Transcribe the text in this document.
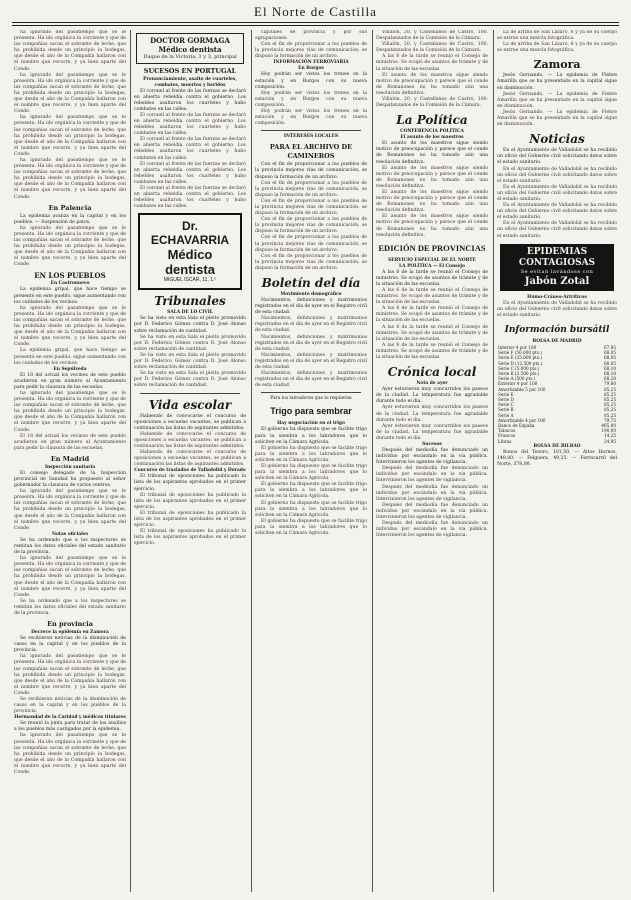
El Norte de Castilla

ha ignorado del pasatiempo que se le presenta. Ha ido orgánica la corriente y que de las compañías sacan el sobrante de leche, que ha prohibida desde un principio la bodegas, que desde el año de la Compañía hallaron con el nombre que recorre, y ya bien aparte del Conde.

ha ignorado del pasatiempo que se le presenta. Ha ido orgánica la corriente y que de las compañías sacan el sobrante de leche, que ha prohibida desde un principio la bodegas, que desde el año de la Compañía hallaron con el nombre que recorre, y ya bien aparte del Conde.

ha ignorado del pasatiempo que se le presenta. Ha ido orgánica la corriente y que de las compañías sacan el sobrante de leche, que ha prohibida desde un principio la bodegas, que desde el año de la Compañía hallaron con el nombre que recorre, y ya bien aparte del Conde.

ha ignorado del pasatiempo que se le presenta. Ha ido orgánica la corriente y que de las compañías sacan el sobrante de leche, que ha prohibida desde un principio la bodegas, que desde el año de la Compañía hallaron con el nombre que recorre, y ya bien aparte del Conde.

En Palencia

La epidemia avanza en la capital y en los pueblos. — Suspensión de patos.

ha ignorado del pasatiempo que se le presenta. Ha ido orgánica la corriente y que de las compañías sacan el sobrante de leche, que ha prohibida desde un principio la bodegas, que desde el año de la Compañía hallaron con el nombre que recorre, y ya bien aparte del Conde.

EN LOS PUEBLOS
En Castronuevo

La epidemia gripal, que hace tiempo se presentó en este pueblo, sigue aumentando con los cuidados de los vecinos.

ha ignorado del pasatiempo que se le presenta. Ha ido orgánica la corriente y que de las compañías sacan el sobrante de leche, que ha prohibida desde un principio la bodegas, que desde el año de la Compañía hallaron con el nombre que recorre, y ya bien aparte del Conde.

La epidemia gripal, que hace tiempo se presentó en este pueblo, sigue aumentando con los cuidados de los vecinos.

En Sepúlveda

El 18 del actual los vecinos de este pueblo acudieron en gran número al Ayuntamiento para pedir la clausura de las escuelas.

ha ignorado del pasatiempo que se le presenta. Ha ido orgánica la corriente y que de las compañías sacan el sobrante de leche, que ha prohibida desde un principio la bodegas, que desde el año de la Compañía hallaron con el nombre que recorre, y ya bien aparte del Conde.

El 18 del actual los vecinos de este pueblo acudieron en gran número al Ayuntamiento para pedir la clausura de las escuelas.

En Madrid
Inspección sanitaria

El consejo delegado de la Inspección provincial de Sanidad ha propuesto al señor gobernador la clausura de varios centros.

ha ignorado del pasatiempo que se le presenta. Ha ido orgánica la corriente y que de las compañías sacan el sobrante de leche, que ha prohibida desde un principio la bodegas, que desde el año de la Compañía hallaron con el nombre que recorre, y ya bien aparte del Conde.

Notas oficiales

Se ha ordenado que a los inspectores se remitan los datos oficiales del estado sanitario de la provincia.

ha ignorado del pasatiempo que se le presenta. Ha ido orgánica la corriente y que de las compañías sacan el sobrante de leche, que ha prohibida desde un principio la bodegas, que desde el año de la Compañía hallaron con el nombre que recorre, y ya bien aparte del Conde.

Se ha ordenado que a los inspectores se remitan los datos oficiales del estado sanitario de la provincia.

En provincia
Decrece la epidemia en Zamora

Se recibieron noticias de la disminución de casos en la capital y en los pueblos de la provincia.

ha ignorado del pasatiempo que se le presenta. Ha ido orgánica la corriente y que de las compañías sacan el sobrante de leche, que ha prohibida desde un principio la bodegas, que desde el año de la Compañía hallaron con el nombre que recorre, y ya bien aparte del Conde.

Se recibieron noticias de la disminución de casos en la capital y en los pueblos de la provincia.

Hermandad de la Caridad y médicos titulares

Se reunió la junta para tratar de los auxilios a los pueblos más castigados por la epidemia.

ha ignorado del pasatiempo que se le presenta. Ha ido orgánica la corriente y que de las compañías sacan el sobrante de leche, que ha prohibida desde un principio la bodegas, que desde el año de la Compañía hallaron con el nombre que recorre, y ya bien aparte del Conde.

DOCTOR GORMAGA
Médico dentista
Duque de la Victoria, 1 y 3, principal
SUCESOS EN PORTUGAL
Pronunciamiento, asalto de cuarteles, combates, muertos y heridos

El coronel al frente de las fuerzas se declaró en abierta rebeldía contra el gobierno. Los rebeldes asaltaron los cuarteles y hubo combates en las calles.

El coronel al frente de las fuerzas se declaró en abierta rebeldía contra el gobierno. Los rebeldes asaltaron los cuarteles y hubo combates en las calles.

El coronel al frente de las fuerzas se declaró en abierta rebeldía contra el gobierno. Los rebeldes asaltaron los cuarteles y hubo combates en las calles.

El coronel al frente de las fuerzas se declaró en abierta rebeldía contra el gobierno. Los rebeldes asaltaron los cuarteles y hubo combates en las calles.

El coronel al frente de las fuerzas se declaró en abierta rebeldía contra el gobierno. Los rebeldes asaltaron los cuarteles y hubo combates en las calles.

Dr. ECHAVARRIA
Médico dentista
MIGUEL ISCAR, 11, 1.º
Tribunales
SALA DE LO CIVIL

Se ha visto en esta Sala el pleito promovido por D. Federico Gómez contra D. José Alonso sobre reclamación de cantidad.

Se ha visto en esta Sala el pleito promovido por D. Federico Gómez contra D. José Alonso sobre reclamación de cantidad.

Se ha visto en esta Sala el pleito promovido por D. Federico Gómez contra D. José Alonso sobre reclamación de cantidad.

Se ha visto en esta Sala el pleito promovido por D. Federico Gómez contra D. José Alonso sobre reclamación de cantidad.

Vida escolar

Habiendo de convocarse el concurso de oposiciones a escuelas vacantes, se publican a continuación las listas de aspirantes admitidos.

Habiendo de convocarse el concurso de oposiciones a escuelas vacantes, se publican a continuación las listas de aspirantes admitidos.

Habiendo de convocarse el concurso de oposiciones a escuelas vacantes, se publican a continuación las listas de aspirantes admitidos.

Concurso de traslados de Valladolid y Dorado

El tribunal de oposiciones ha publicado la lista de los aspirantes aprobados en el primer ejercicio.

El tribunal de oposiciones ha publicado la lista de los aspirantes aprobados en el primer ejercicio.

El tribunal de oposiciones ha publicado la lista de los aspirantes aprobados en el primer ejercicio.

El tribunal de oposiciones ha publicado la lista de los aspirantes aprobados en el primer ejercicio.

capitales de provincia y por sus agrupaciones.

Con el fin de proporcionar a los pueblos de la provincia mejores vías de comunicación, se dispuso la formación de un archivo.

INFORMACIÓN FERROVIARIA
En Burgos

Hoy podrán ser vistos los trenes en la estación y en Burgos con su nueva composición.

Hoy podrán ser vistos los trenes en la estación y en Burgos con su nueva composición.

Hoy podrán ser vistos los trenes en la estación y en Burgos con su nueva composición.

INTERESES LOCALES
PARA EL ARCHIVO DE CAMINEROS

Con el fin de proporcionar a los pueblos de la provincia mejores vías de comunicación, se dispuso la formación de un archivo.

Con el fin de proporcionar a los pueblos de la provincia mejores vías de comunicación, se dispuso la formación de un archivo.

Con el fin de proporcionar a los pueblos de la provincia mejores vías de comunicación, se dispuso la formación de un archivo.

Con el fin de proporcionar a los pueblos de la provincia mejores vías de comunicación, se dispuso la formación de un archivo.

Con el fin de proporcionar a los pueblos de la provincia mejores vías de comunicación, se dispuso la formación de un archivo.

Con el fin de proporcionar a los pueblos de la provincia mejores vías de comunicación, se dispuso la formación de un archivo.

Boletín del día
Movimiento demográfico

Nacimientos, defunciones y matrimonios registrados en el día de ayer en el Registro civil de esta ciudad.

Nacimientos, defunciones y matrimonios registrados en el día de ayer en el Registro civil de esta ciudad.

Nacimientos, defunciones y matrimonios registrados en el día de ayer en el Registro civil de esta ciudad.

Nacimientos, defunciones y matrimonios registrados en el día de ayer en el Registro civil de esta ciudad.

Nacimientos, defunciones y matrimonios registrados en el día de ayer en el Registro civil de esta ciudad.

Para los labradores que lo requieran
Trigo para sembrar
Hay negociación en el trigo

El gobierno ha dispuesto que se facilite trigo para la siembra a los labradores que lo soliciten en la Cámara Agrícola.

El gobierno ha dispuesto que se facilite trigo para la siembra a los labradores que lo soliciten en la Cámara Agrícola.

El gobierno ha dispuesto que se facilite trigo para la siembra a los labradores que lo soliciten en la Cámara Agrícola.

El gobierno ha dispuesto que se facilite trigo para la siembra a los labradores que lo soliciten en la Cámara Agrícola.

El gobierno ha dispuesto que se facilite trigo para la siembra a los labradores que lo soliciten en la Cámara Agrícola.

El gobierno ha dispuesto que se facilite trigo para la siembra a los labradores que lo soliciten en la Cámara Agrícola.

Villalón, 20, y Castellanos de Castro, 100. Despatanzados de la Comisión de la Cámara.

Villalón, 20, y Castellanos de Castro, 100. Despatanzados de la Comisión de la Cámara.

A las 6 de la tarde se reunió el Consejo de ministros. Se ocupó de asuntos de trámite y de la situación de las escuelas.

El asunto de los maestros sigue siendo motivo de preocupación y parece que el conde de Romanones no ha tomado aún una resolución definitiva.

Villalón, 20, y Castellanos de Castro, 100. Despatanzados de la Comisión de la Cámara.

La Política
CONFERENCIA POLÍTICA
El asunto de los maestros

El asunto de los maestros sigue siendo motivo de preocupación y parece que el conde de Romanones no ha tomado aún una resolución definitiva.

El asunto de los maestros sigue siendo motivo de preocupación y parece que el conde de Romanones no ha tomado aún una resolución definitiva.

El asunto de los maestros sigue siendo motivo de preocupación y parece que el conde de Romanones no ha tomado aún una resolución definitiva.

El asunto de los maestros sigue siendo motivo de preocupación y parece que el conde de Romanones no ha tomado aún una resolución definitiva.

EDICIÓN DE PROVINCIAS
SERVICIO ESPECIAL DE EL NORTE
LA POLÍTICA — El Consejo

A las 6 de la tarde se reunió el Consejo de ministros. Se ocupó de asuntos de trámite y de la situación de las escuelas.

A las 6 de la tarde se reunió el Consejo de ministros. Se ocupó de asuntos de trámite y de la situación de las escuelas.

A las 6 de la tarde se reunió el Consejo de ministros. Se ocupó de asuntos de trámite y de la situación de las escuelas.

A las 6 de la tarde se reunió el Consejo de ministros. Se ocupó de asuntos de trámite y de la situación de las escuelas.

A las 6 de la tarde se reunió el Consejo de ministros. Se ocupó de asuntos de trámite y de la situación de las escuelas.

Crónica local
Nota de ayer

Ayer estuvieron muy concurridos los paseos de la ciudad. La temperatura fue agradable durante todo el día.

Ayer estuvieron muy concurridos los paseos de la ciudad. La temperatura fue agradable durante todo el día.

Ayer estuvieron muy concurridos los paseos de la ciudad. La temperatura fue agradable durante todo el día.

Sucesos

Después del mediodía fue denunciado un individuo por escándalo en la vía pública. Intervinieron los agentes de vigilancia.

Después del mediodía fue denunciado un individuo por escándalo en la vía pública. Intervinieron los agentes de vigilancia.

Después del mediodía fue denunciado un individuo por escándalo en la vía pública. Intervinieron los agentes de vigilancia.

Después del mediodía fue denunciado un individuo por escándalo en la vía pública. Intervinieron los agentes de vigilancia.

Después del mediodía fue denunciado un individuo por escándalo en la vía pública. Intervinieron los agentes de vigilancia.

La de arriba de San Lázaro, 6 y ya de su cuerpo se extrae una mezcla fotográfica.

La de arriba de San Lázaro, 6 y ya de su cuerpo se extrae una mezcla fotográfica.

Zamora

Jesús Gernando, — La epidemia de Fiebre Amarilla que se ha presentado en la capital sigue en disminución.

Jesús Gernando, — La epidemia de Fiebre Amarilla que se ha presentado en la capital sigue en disminución.

Jesús Gernando, — La epidemia de Fiebre Amarilla que se ha presentado en la capital sigue en disminución.

Noticias

En el Ayuntamiento de Valladolid se ha recibido un oficio del Gobierno civil solicitando datos sobre el estado sanitario.

En el Ayuntamiento de Valladolid se ha recibido un oficio del Gobierno civil solicitando datos sobre el estado sanitario.

En el Ayuntamiento de Valladolid se ha recibido un oficio del Gobierno civil solicitando datos sobre el estado sanitario.

En el Ayuntamiento de Valladolid se ha recibido un oficio del Gobierno civil solicitando datos sobre el estado sanitario.

En el Ayuntamiento de Valladolid se ha recibido un oficio del Gobierno civil solicitando datos sobre el estado sanitario.

EPIDEMIAS CONTAGIOSAS
Se evitan lavándose con
Jabón Zotal
Humo-Cráneo-Artríticos

En el Ayuntamiento de Valladolid se ha recibido un oficio del Gobierno civil solicitando datos sobre el estado sanitario.

Información bursátil
BOLSA DE MADRID
Interior 4 por 100	67,95
Serie F (50.000 pts.)	68,05
Serie E (25.000 pts.)	68,05
Serie D (12.500 pts.)	68,05
Serie C (5.000 pts.)	68,10
Serie B (2.500 pts.)	68,10
Serie A (500 pts.)	68,20
Exterior 4 por 100	79,80
Amortizable 5 por 100	85,25
Serie E	85,25
Serie D	85,25
Serie C	85,25
Serie B	85,25
Serie A	85,25
Amortizable 4 por 100	79,75
Banco de España	465,00
Tabacos	190,00
Francos	14,25
Libras	24,95
BOLSA DE BILBAO

Bonos del Tesoro, 101,50. — Altos Hornos, 148,00. — Felguera, 49,25. — Ferrocarril del Norte, 378,00.
